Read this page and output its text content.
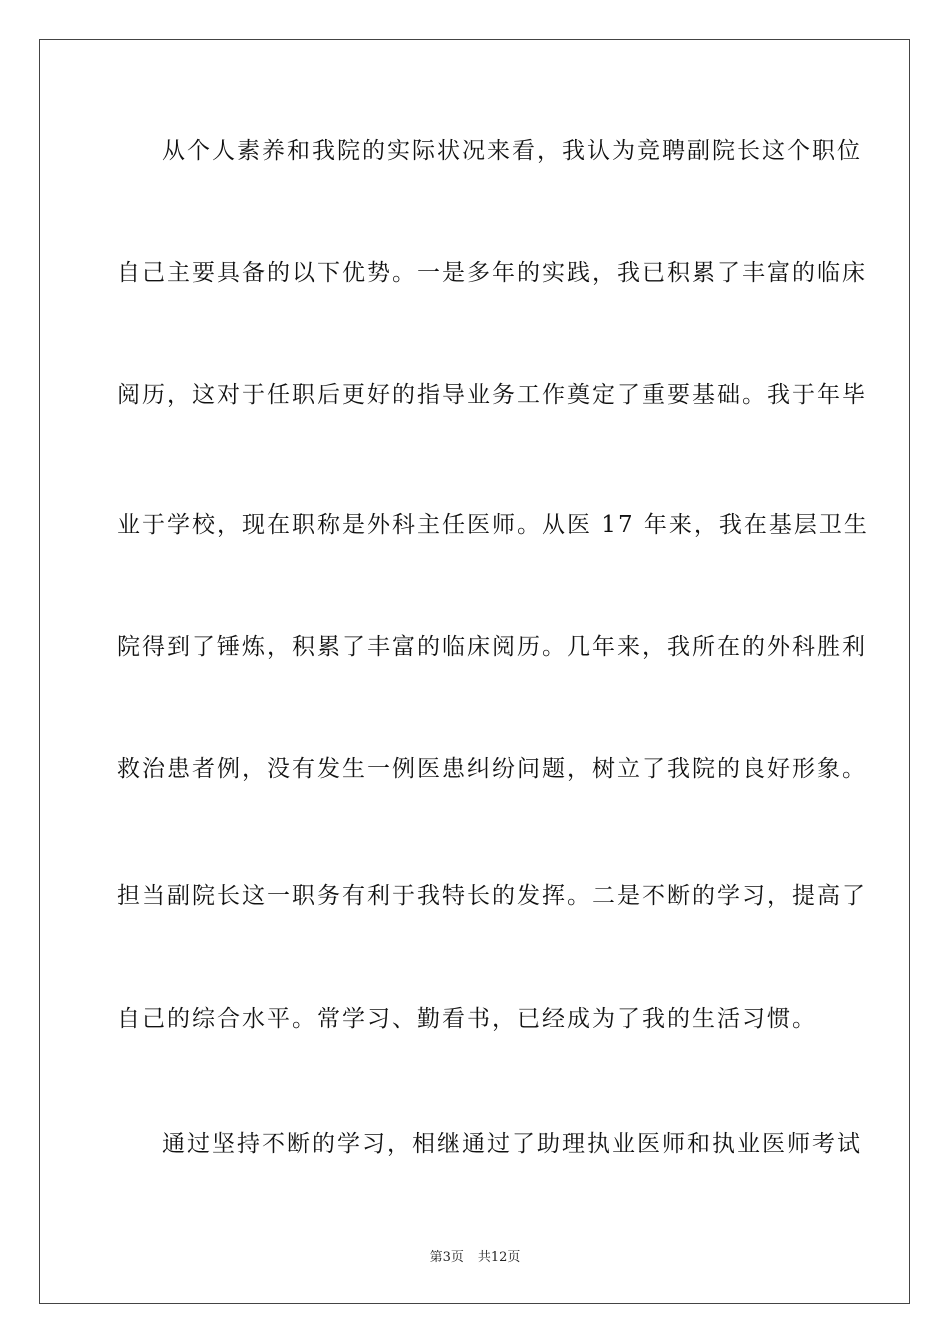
从个人素养和我院的实际状况来看，我认为竞聘副院长这个职位
自己主要具备的以下优势。一是多年的实践，我已积累了丰富的临床
阅历，这对于任职后更好的指导业务工作奠定了重要基础。我于年毕
业于学校，现在职称是外科主任医师。从医 17 年来，我在基层卫生
院得到了锤炼，积累了丰富的临床阅历。几年来，我所在的外科胜利
救治患者例，没有发生一例医患纠纷问题，树立了我院的良好形象。
担当副院长这一职务有利于我特长的发挥。二是不断的学习，提高了
自己的综合水平。常学习、勤看书，已经成为了我的生活习惯。
通过坚持不断的学习，相继通过了助理执业医师和执业医师考试
第3页 共12页
